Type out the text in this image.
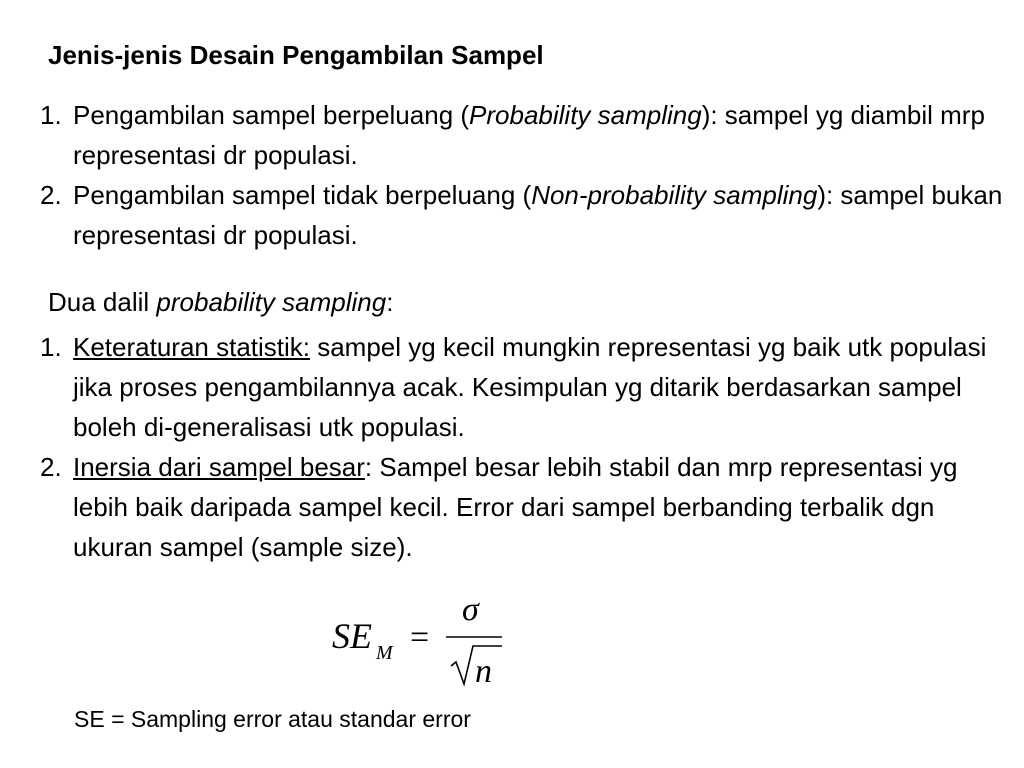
Jenis-jenis Desain Pengambilan Sampel
1. Pengambilan sampel berpeluang (Probability sampling): sampel yg diambil mrp representasi dr populasi.
2. Pengambilan sampel tidak berpeluang (Non-probability sampling): sampel bukan representasi dr populasi.
Dua dalil probability sampling:
1. Keteraturan statistik: sampel yg kecil mungkin representasi yg baik utk populasi jika proses pengambilannya acak. Kesimpulan yg ditarik berdasarkan sampel boleh di-generalisasi utk populasi.
2. Inersia dari sampel besar: Sampel besar lebih stabil dan mrp representasi yg lebih baik daripada sampel kecil. Error dari sampel berbanding terbalik dgn ukuran sampel (sample size).
SE M =
σ
n
SE = Sampling error atau standar error
